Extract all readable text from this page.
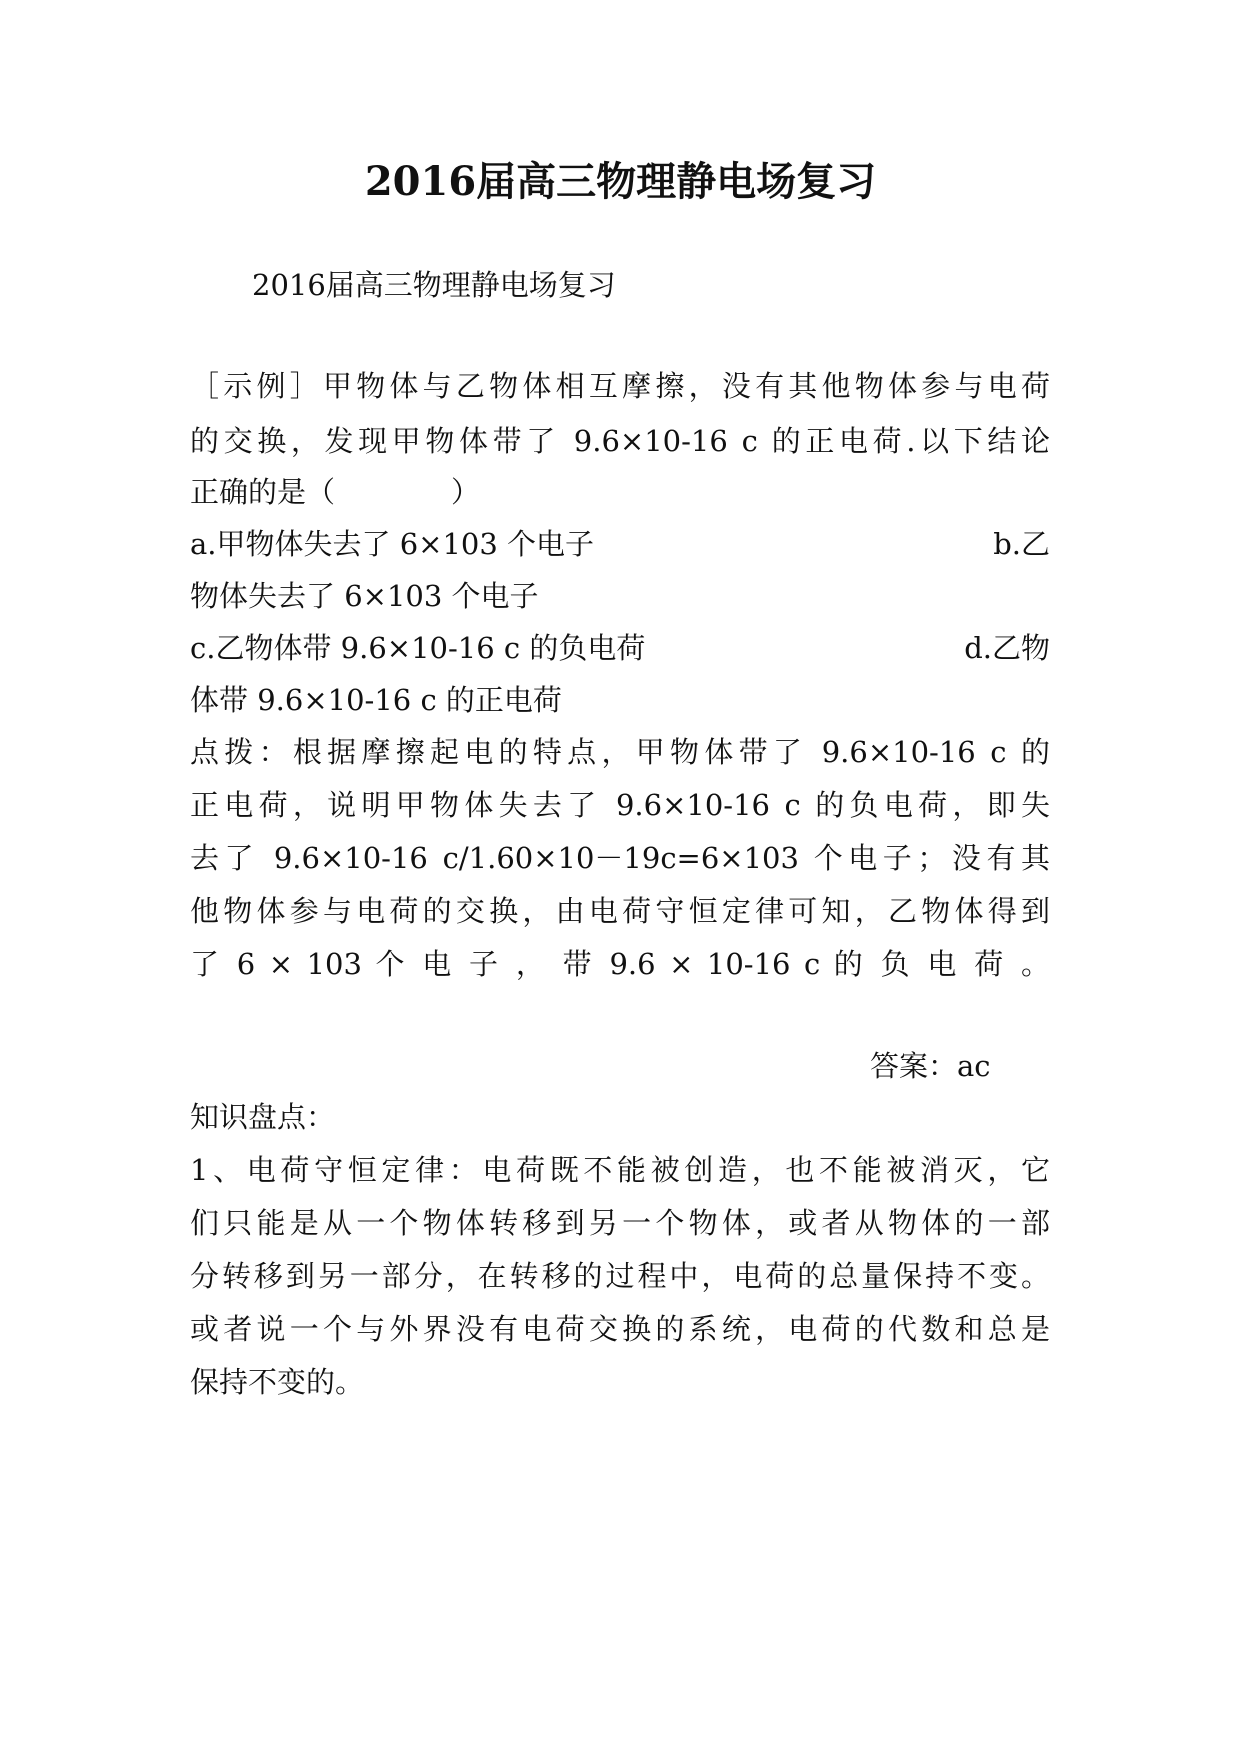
2016届高三物理静电场复习
2016届高三物理静电场复习
［示例］甲物体与乙物体相互摩擦，没有其他物体参与电荷
的交换，发现甲物体带了 9.6×10-16 c 的正电荷.以下结论
正确的是（　　　　）
a.甲物体失去了 6×103 个电子	b.乙
物体失去了 6×103 个电子
c.乙物体带 9.6×10-16 c 的负电荷	d.乙物
体带 9.6×10-16 c 的正电荷
点拨：根据摩擦起电的特点，甲物体带了 9.6×10-16 c 的
正电荷，说明甲物体失去了 9.6×10-16 c 的负电荷，即失
去了 9.6×10-16 c/1.60×10－19c=6×103 个电子；没有其
他物体参与电荷的交换，由电荷守恒定律可知，乙物体得到
了 6 × 103 个 电 子 ， 带 9.6 × 10-16 c 的 负 电 荷 。
答案：ac
知识盘点：
1、电荷守恒定律：电荷既不能被创造，也不能被消灭，它
们只能是从一个物体转移到另一个物体，或者从物体的一部
分转移到另一部分，在转移的过程中，电荷的总量保持不变。
或者说一个与外界没有电荷交换的系统，电荷的代数和总是
保持不变的。
